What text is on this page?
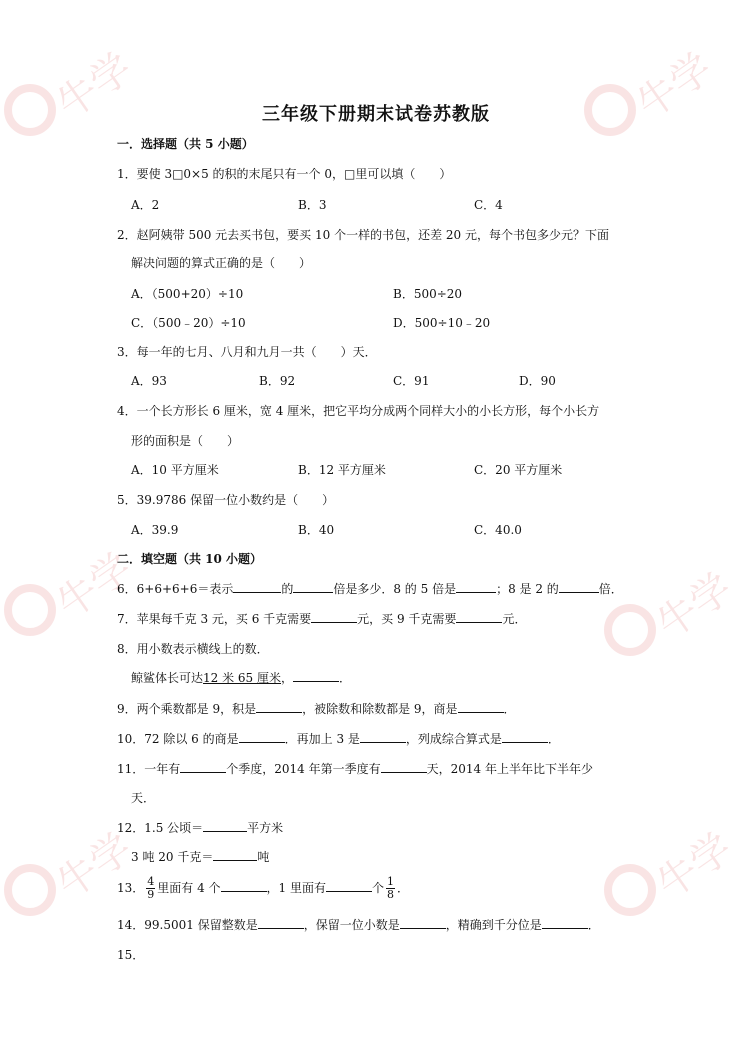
牛学	牛学
牛学	牛学
牛学	牛学
三年级下册期末试卷苏教版
一．选择题（共 5 小题）
1．要使 3□0×5 的积的末尾只有一个 0，□里可以填（　　）
A．2	B．3	C．4
2．赵阿姨带 500 元去买书包，要买 10 个一样的书包，还差 20 元，每个书包多少元？下面
解决问题的算式正确的是（　　）
A．（500+20）÷10	B．500÷20
C．（500﹣20）÷10	D．500÷10﹣20
3．每一年的七月、八月和九月一共（　　）天．
A．93	B．92	C．91	D．90
4．一个长方形长 6 厘米，宽 4 厘米，把它平均分成两个同样大小的小长方形，每个小长方
形的面积是（　　）
A．10 平方厘米	B．12 平方厘米	C．20 平方厘米
5．39.9786 保留一位小数约是（　　）
A．39.9	B．40	C．40.0
二．填空题（共 10 小题）
6．6+6+6+6＝表示	的	倍是多少．8 的 5 倍是	；8 是 2 的	倍．
7．苹果每千克 3 元，买 6 千克需要	元，买 9 千克需要	元．
8．用小数表示横线上的数．
鲸鲨体长可达12 米 65 厘米，	．
9．两个乘数都是 9，积是	，被除数和除数都是 9，商是	．
10．72 除以 6 的商是	．再加上 3 是	，列成综合算式是	．
11．一年有	个季度，2014 年第一季度有	天，2014 年上半年比下半年少
天．
12．1.5 公顷＝	平方米
3 吨 20 千克＝	吨
13． $\frac{4}{9}$ 里面有 4 个	，1 里面有	个 $\frac{1}{8}$ ．
14．99.5001 保留整数是	，保留一位小数是	，精确到千分位是	．
15．
